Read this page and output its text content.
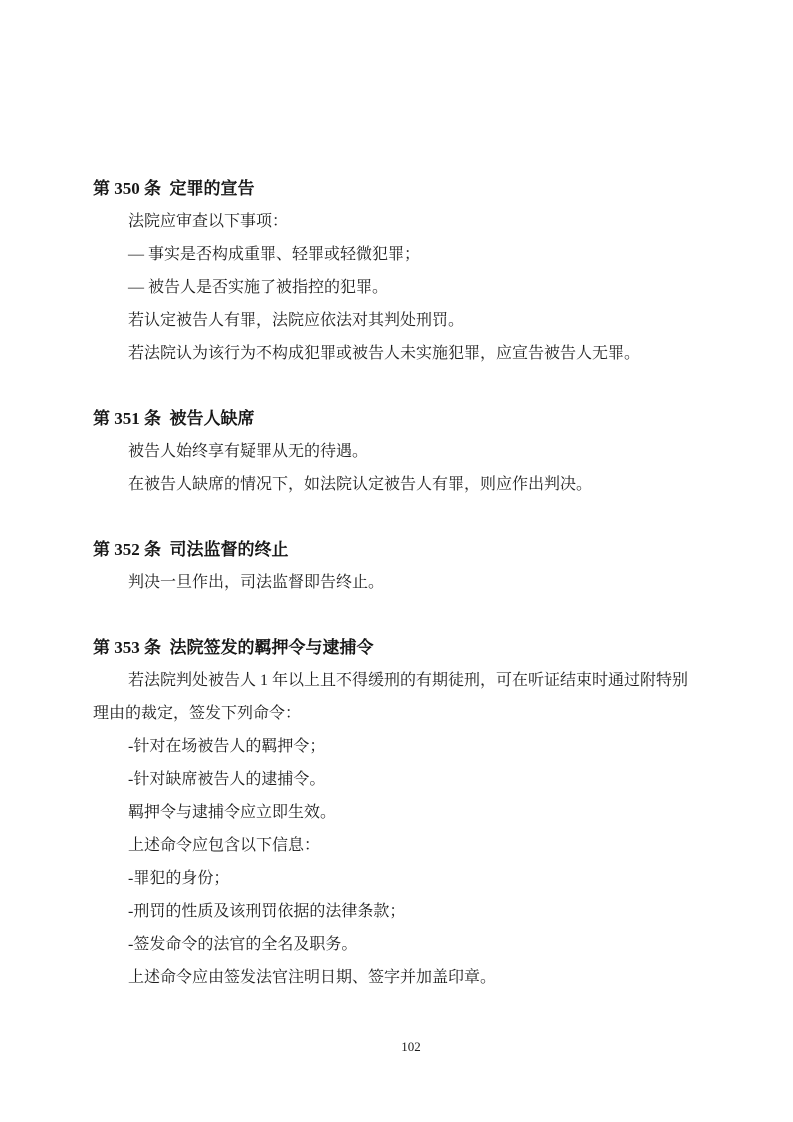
第 350 条  定罪的宣告

法院应审查以下事项：

— 事实是否构成重罪、轻罪或轻微犯罪；

— 被告人是否实施了被指控的犯罪。

若认定被告人有罪，法院应依法对其判处刑罚。

若法院认为该行为不构成犯罪或被告人未实施犯罪，应宣告被告人无罪。

第 351 条  被告人缺席

被告人始终享有疑罪从无的待遇。

在被告人缺席的情况下，如法院认定被告人有罪，则应作出判决。

第 352 条  司法监督的终止

判决一旦作出，司法监督即告终止。

第 353 条  法院签发的羁押令与逮捕令

若法院判处被告人 1 年以上且不得缓刑的有期徒刑，可在听证结束时通过附特别理由的裁定，签发下列命令：

-针对在场被告人的羁押令；

-针对缺席被告人的逮捕令。

羁押令与逮捕令应立即生效。

上述命令应包含以下信息：

-罪犯的身份；

-刑罚的性质及该刑罚依据的法律条款；

-签发命令的法官的全名及职务。

上述命令应由签发法官注明日期、签字并加盖印章。

102
